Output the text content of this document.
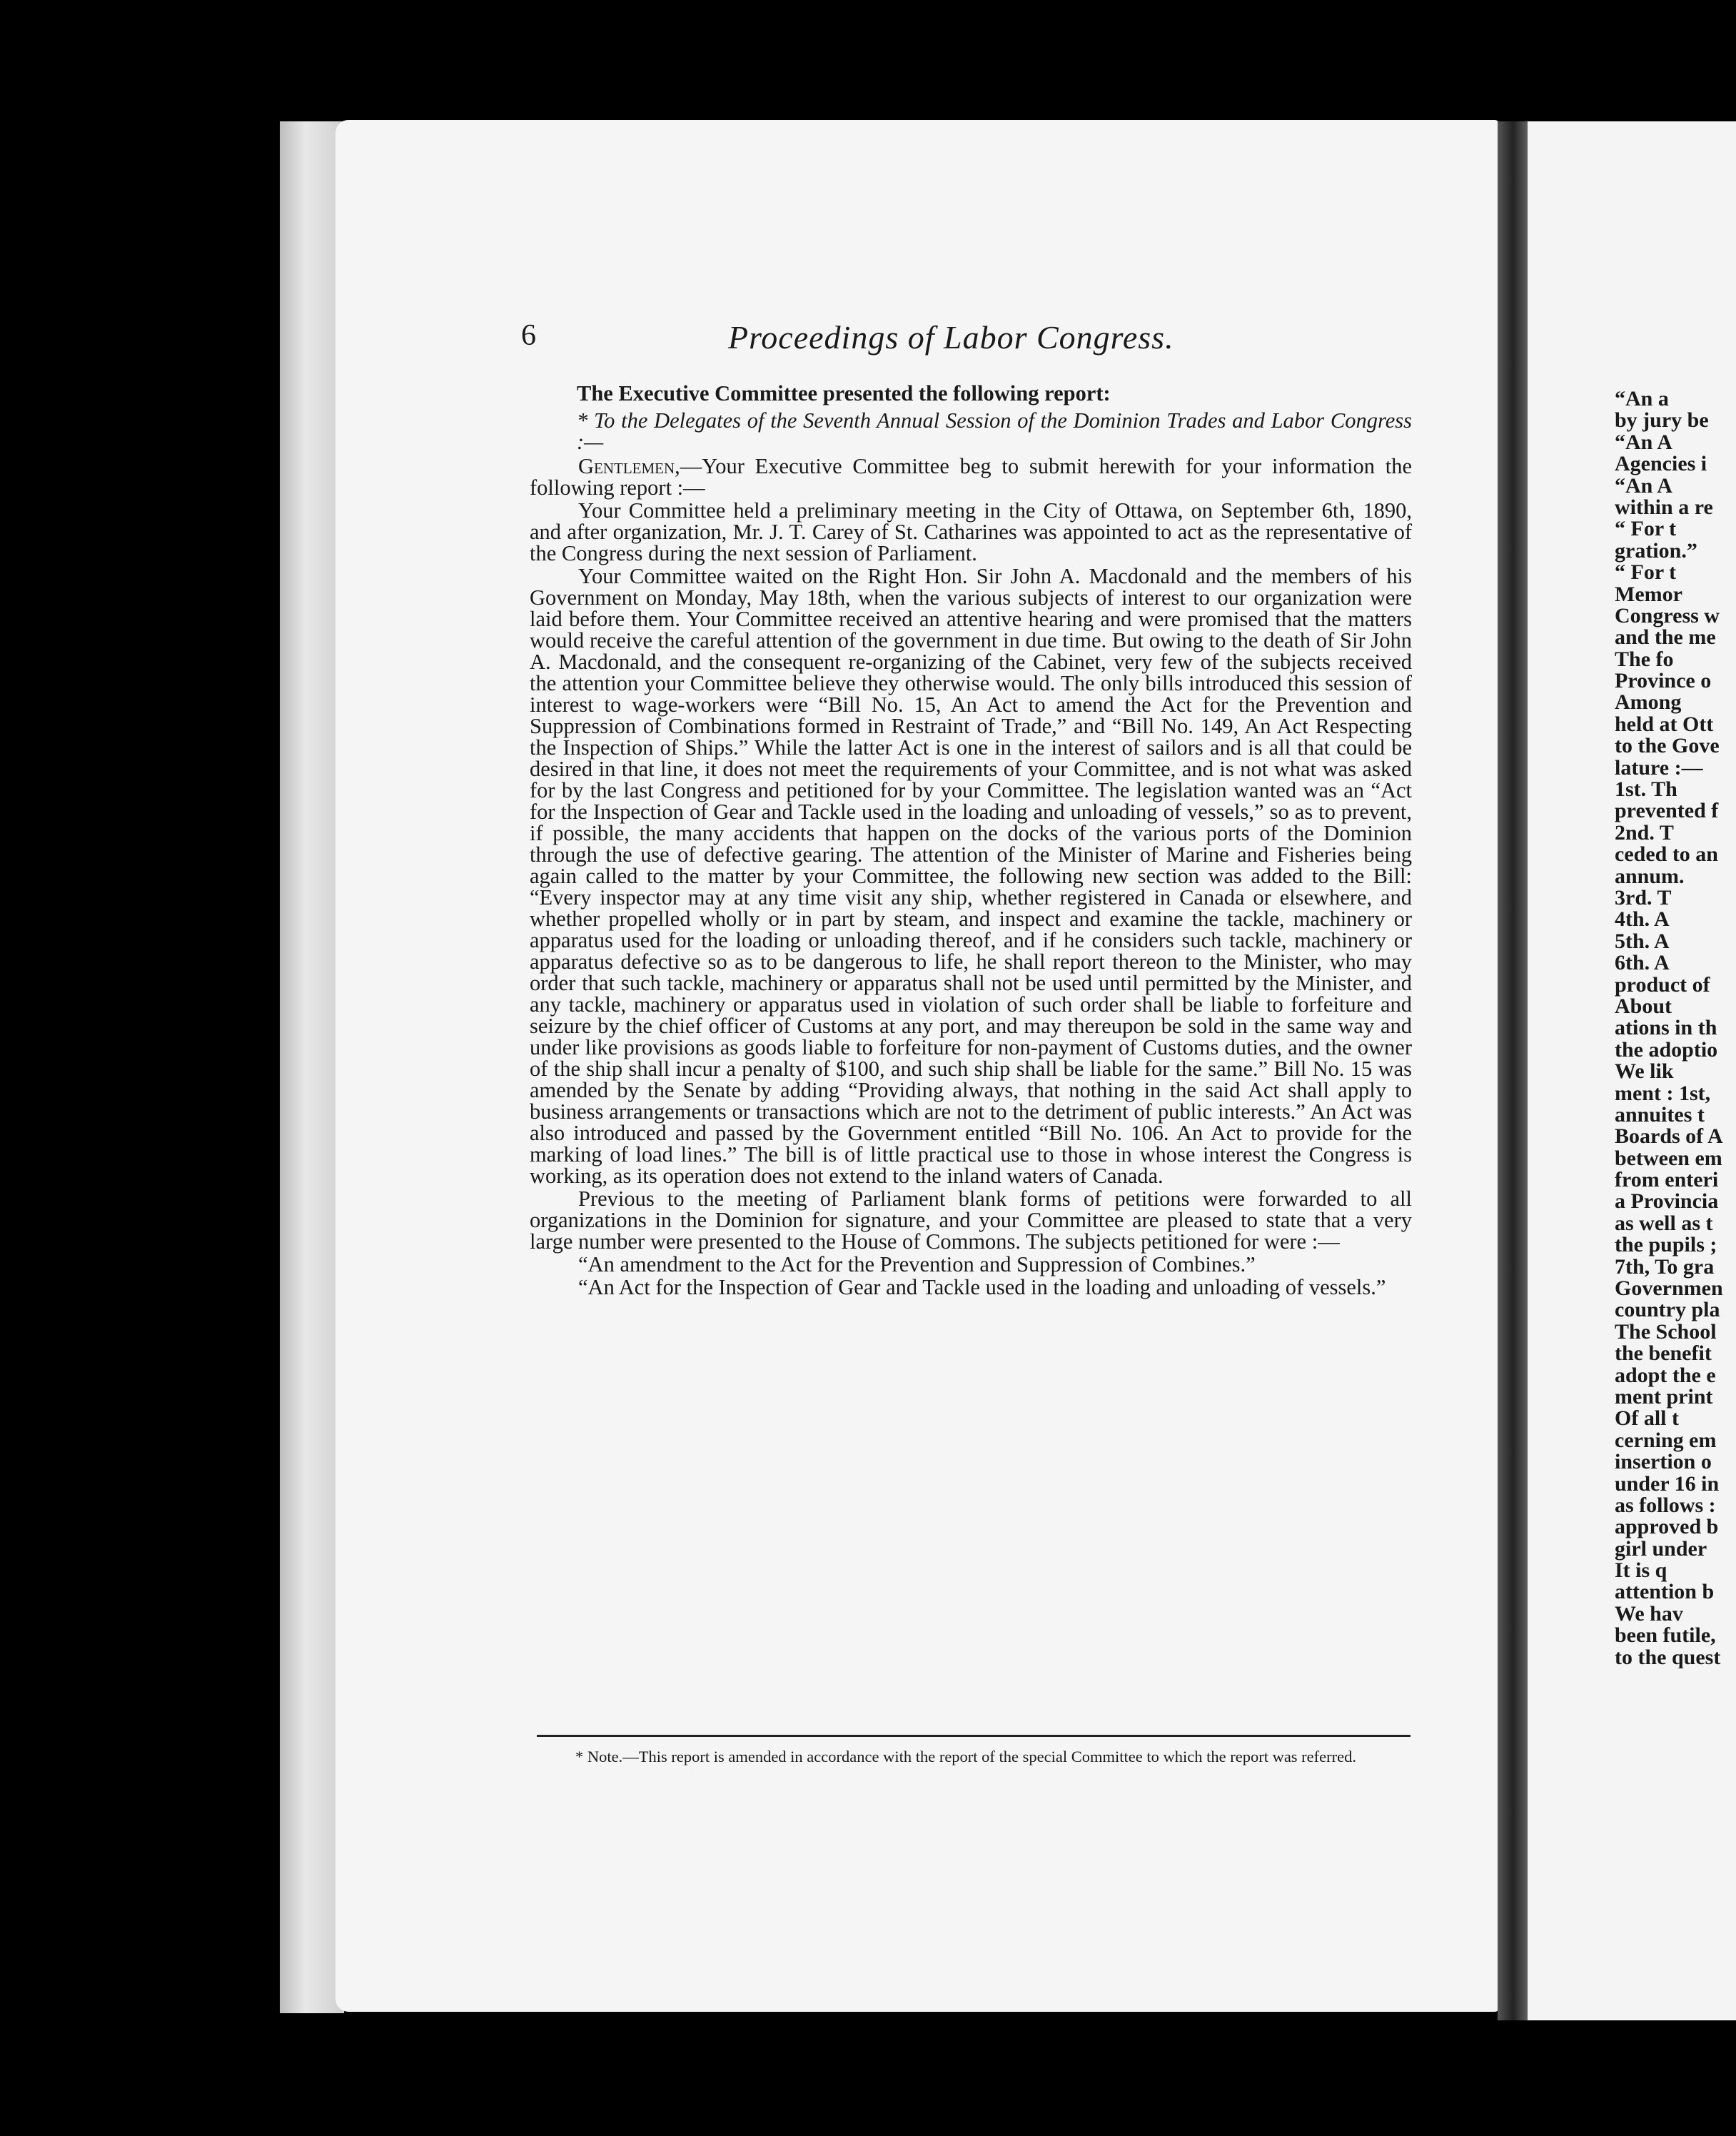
6	Proceedings of Labor Congress.

The Executive Committee presented the following report:

* To the Delegates of the Seventh Annual Session of the Dominion Trades and Labor Congress :—

Gentlemen,—Your Executive Committee beg to submit herewith for your information the following report :—

Your Committee held a preliminary meeting in the City of Ottawa, on September 6th, 1890, and after organization, Mr. J. T. Carey of St. Catharines was appointed to act as the representative of the Congress during the next session of Parliament.

Your Committee waited on the Right Hon. Sir John A. Macdonald and the members of his Government on Monday, May 18th, when the various subjects of interest to our organization were laid before them. Your Committee received an attentive hearing and were promised that the matters would receive the careful attention of the government in due time. But owing to the death of Sir John A. Macdonald, and the consequent re-organizing of the Cabinet, very few of the subjects received the attention your Committee believe they otherwise would. The only bills introduced this session of interest to wage-workers were “Bill No. 15, An Act to amend the Act for the Prevention and Suppression of Combinations formed in Restraint of Trade,” and “Bill No. 149, An Act Respecting the Inspection of Ships.” While the latter Act is one in the interest of sailors and is all that could be desired in that line, it does not meet the requirements of your Committee, and is not what was asked for by the last Congress and petitioned for by your Committee. The legislation wanted was an “Act for the Inspection of Gear and Tackle used in the loading and unloading of vessels,” so as to prevent, if possible, the many accidents that happen on the docks of the various ports of the Dominion through the use of defective gearing. The attention of the Minister of Marine and Fisheries being again called to the matter by your Committee, the following new section was added to the Bill: “Every inspector may at any time visit any ship, whether registered in Canada or elsewhere, and whether propelled wholly or in part by steam, and inspect and examine the tackle, machinery or apparatus used for the loading or unloading thereof, and if he considers such tackle, machinery or apparatus defective so as to be dangerous to life, he shall report thereon to the Minister, who may order that such tackle, machinery or apparatus shall not be used until permitted by the Minister, and any tackle, machinery or apparatus used in violation of such order shall be liable to forfeiture and seizure by the chief officer of Customs at any port, and may thereupon be sold in the same way and under like provisions as goods liable to forfeiture for non-payment of Customs duties, and the owner of the ship shall incur a penalty of $100, and such ship shall be liable for the same.” Bill No. 15 was amended by the Senate by adding “Providing always, that nothing in the said Act shall apply to business arrangements or transactions which are not to the detriment of public interests.” An Act was also introduced and passed by the Government entitled “Bill No. 106. An Act to provide for the marking of load lines.” The bill is of little practical use to those in whose interest the Congress is working, as its operation does not extend to the inland waters of Canada.

Previous to the meeting of Parliament blank forms of petitions were forwarded to all organizations in the Dominion for signature, and your Committee are pleased to state that a very large number were presented to the House of Commons. The subjects petitioned for were :—

“An amendment to the Act for the Prevention and Suppression of Combines.”

“An Act for the Inspection of Gear and Tackle used in the loading and unloading of vessels.”

* Note.—This report is amended in accordance with the report of the special Committee to which the report was referred.
“An a
by jury be
“An A
Agencies i
“An A
within a re
“ For t
gration.”
“ For t
Memor
Congress w
and the me
The fo
Province o
Among
held at Ott
to the Gove
lature :—
1st. Th
prevented f
2nd. T
ceded to an
annum.
3rd. T
4th. A
5th. A
6th. A
product of
About
ations in th
the adoptio
We lik
ment : 1st,
annuites t
Boards of A
between em
from enteri
a Provincia
as well as t
the pupils ;
7th, To gra
Governmen
country pla
The School
the benefit
adopt the e
ment print
Of all t
cerning em
insertion o
under 16 in
as follows :
approved b
girl under
It is q
attention b
We hav
been futile,
to the quest
